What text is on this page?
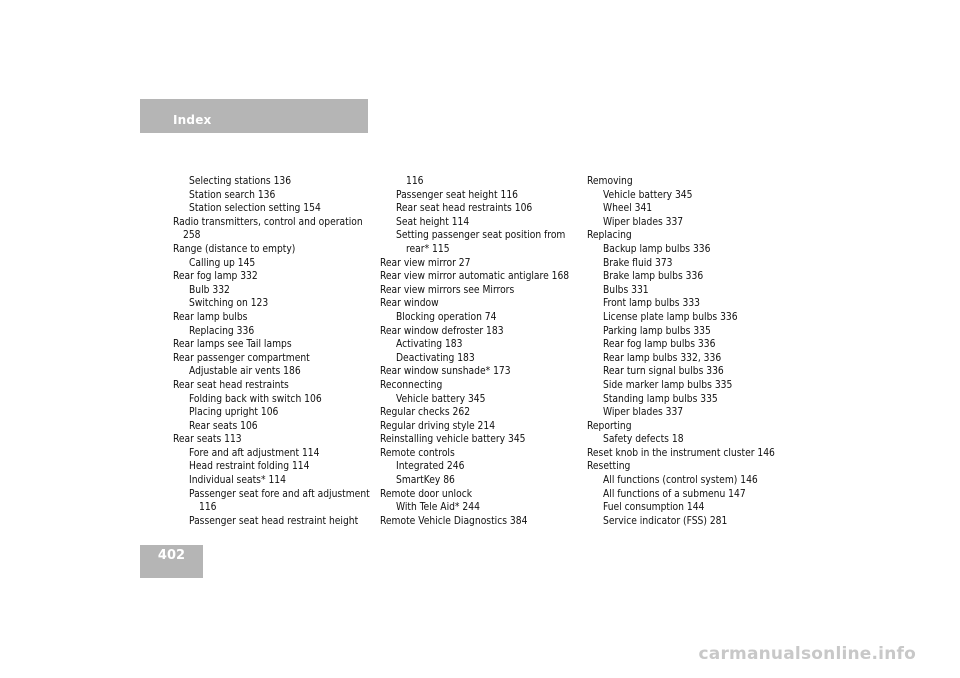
Index
Selecting stations 136
Station search 136
Station selection setting 154
Radio transmitters, control and operation
258
Range (distance to empty)
Calling up 145
Rear fog lamp 332
Bulb 332
Switching on 123
Rear lamp bulbs
Replacing 336
Rear lamps see Tail lamps
Rear passenger compartment
Adjustable air vents 186
Rear seat head restraints
Folding back with switch 106
Placing upright 106
Rear seats 106
Rear seats 113
Fore and aft adjustment 114
Head restraint folding 114
Individual seats* 114
Passenger seat fore and aft adjustment
116
Passenger seat head restraint height
116
Passenger seat height 116
Rear seat head restraints 106
Seat height 114
Setting passenger seat position from
rear* 115
Rear view mirror 27
Rear view mirror automatic antiglare 168
Rear view mirrors see Mirrors
Rear window
Blocking operation 74
Rear window defroster 183
Activating 183
Deactivating 183
Rear window sunshade* 173
Reconnecting
Vehicle battery 345
Regular checks 262
Regular driving style 214
Reinstalling vehicle battery 345
Remote controls
Integrated 246
SmartKey 86
Remote door unlock
With Tele Aid* 244
Remote Vehicle Diagnostics 384
Removing
Vehicle battery 345
Wheel 341
Wiper blades 337
Replacing
Backup lamp bulbs 336
Brake fluid 373
Brake lamp bulbs 336
Bulbs 331
Front lamp bulbs 333
License plate lamp bulbs 336
Parking lamp bulbs 335
Rear fog lamp bulbs 336
Rear lamp bulbs 332, 336
Rear turn signal bulbs 336
Side marker lamp bulbs 335
Standing lamp bulbs 335
Wiper blades 337
Reporting
Safety defects 18
Reset knob in the instrument cluster 146
Resetting
All functions (control system) 146
All functions of a submenu 147
Fuel consumption 144
Service indicator (FSS) 281
402
carmanualsonline.info
